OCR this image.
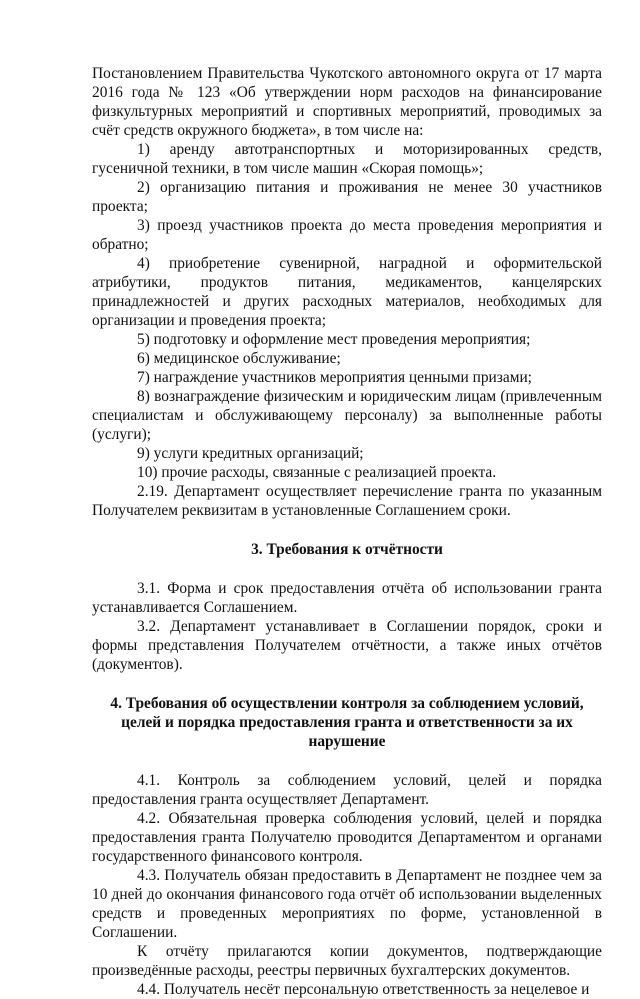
Постановлением Правительства Чукотского автономного округа от 17 марта 2016 года № 123 «Об утверждении норм расходов на финансирование физкультурных мероприятий и спортивных мероприятий, проводимых за счёт средств окружного бюджета», в том числе на:

1) аренду автотранспортных и моторизированных средств, гусеничной техники, в том числе машин «Скорая помощь»;

2) организацию питания и проживания не менее 30 участников проекта;

3) проезд участников проекта до места проведения мероприятия и обратно;

4) приобретение сувенирной, наградной и оформительской атрибутики, продуктов питания, медикаментов, канцелярских принадлежностей и других расходных материалов, необходимых для организации и проведения проекта;

5) подготовку и оформление мест проведения мероприятия;

6) медицинское обслуживание;

7) награждение участников мероприятия ценными призами;

8) вознаграждение физическим и юридическим лицам (привлеченным специалистам и обслуживающему персоналу) за выполненные работы (услуги);

9) услуги кредитных организаций;

10) прочие расходы, связанные с реализацией проекта.

2.19. Департамент осуществляет перечисление гранта по указанным Получателем реквизитам в установленные Соглашением сроки.

3. Требования к отчётности

3.1. Форма и срок предоставления отчёта об использовании гранта устанавливается Соглашением.

3.2. Департамент устанавливает в Соглашении порядок, сроки и формы представления Получателем отчётности, а также иных отчётов (документов).

4. Требования об осуществлении контроля за соблюдением условий, целей и порядка предоставления гранта и ответственности за их нарушение

4.1. Контроль за соблюдением условий, целей и порядка предоставления гранта осуществляет Департамент.

4.2. Обязательная проверка соблюдения условий, целей и порядка предоставления гранта Получателю проводится Департаментом и органами государственного финансового контроля.

4.3. Получатель обязан предоставить в Департамент не позднее чем за 10 дней до окончания финансового года отчёт об использовании выделенных средств и проведенных мероприятиях по форме, установленной в Соглашении.

К отчёту прилагаются копии документов, подтверждающие произведённые расходы, реестры первичных бухгалтерских документов.

4.4. Получатель несёт персональную ответственность за нецелевое и
